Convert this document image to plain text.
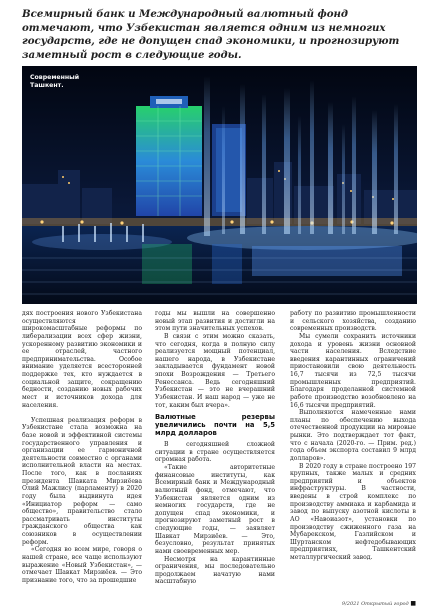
Всемирный банк и Международный валютный фонд отмечают, что Узбекистан является одним из немногих государств, где не допущен спад экономики, и прогнозируют заметный рост в следующие годы.
Современный
Ташкент.

дях построения нового Узбекистана осуществляются широкомасштабные реформы по либерализации всех сфер жизни, ускоренному развитию экономики и ее отраслей, частного предпринимательства. Особое внимание уделяется всесторонней поддержке тех, кто нуждается в социальной защите, сокращению бедности, созданию новых рабочих мест и источников дохода для населения.

Успешная реализация реформ в Узбекистане стала возможна на базе новой и эффективной системы государственного управления и организации ее гармоничной деятельности совместно с органами исполнительной власти на местах. После того, как в посланиях президента Шавката Мирзиёева Олий Мажлису (парламенту) в 2020 году была выдвинута идея «Инициатор реформ — само общество», правительство стало рассматривать институты гражданского общества как союзников в осуществлении реформ.

«Сегодня во всем мире, говоря о нашей стране, все чаще используют выражение «Новый Узбекистан», — отмечает Шавкат Мирзиёев. — Это признание того, что за прошедшие

годы мы вышли на совершенно новый этап развития и достигли на этом пути значительных успехов.

В связи с этим можно сказать, что сегодня, когда в полную силу реализуется мощный потенциал, нашего народа, в Узбекистане закладывается фундамент новой эпохи Возрождения — Третьего Ренессанса. Ведь сегодняшний Узбекистан — это не вчерашний Узбекистан. И наш народ — уже не тот, каким был вчера».

Валютные резервы увеличились почти на 5,5 млрд долларов

В сегодняшней сложной ситуации в стране осуществляется огромная работа.

«Такие авторитетные финансовые институты, как Всемирный банк и Международный валютный фонд, отмечают, что Узбекистан является одним из немногих государств, где не допущен спад экономики, и прогнозируют заметный рост в следующие годы, — заявляет Шавкат Мирзиёев. — Это, безусловно, результат принятых нами своевременных мер.

Несмотря на карантинные ограничения, мы последовательно продолжаем начатую нами масштабную

работу по развитию промышленности и сельского хозяйства, созданию современных производств.

Мы сумели сохранить источники дохода и уровень жизни основной части населения. Вследствие введения карантинных ограничений приостановили свою деятельность 16,7 тысячи из 72,5 тысячи промышленных предприятий. Благодаря проделанной системной работе производство возобновлено на 16,6 тысячи предприятий.

Выполняются намеченные нами планы по обеспечению выхода отечественной продукции на мировые рынки. Это подтверждает тот факт, что с начала (2020-го. — Прим. ред.) года объем экспорта составил 9 млрд долларов».

В 2020 году в стране построено 197 крупных, также малых и средних предприятий и объектов инфраструктуры. В частности, введены в строй комплекс по производству аммиака и карбамида и завод по выпуску азотной кислоты в АО «Навоиазот», установки по производству сжиженного газа на Мубарекском, Газлийском и Шуртанском нефтедобывающих предприятиях, Ташкентский металлургический завод.

9/2021 Открытый город ■
